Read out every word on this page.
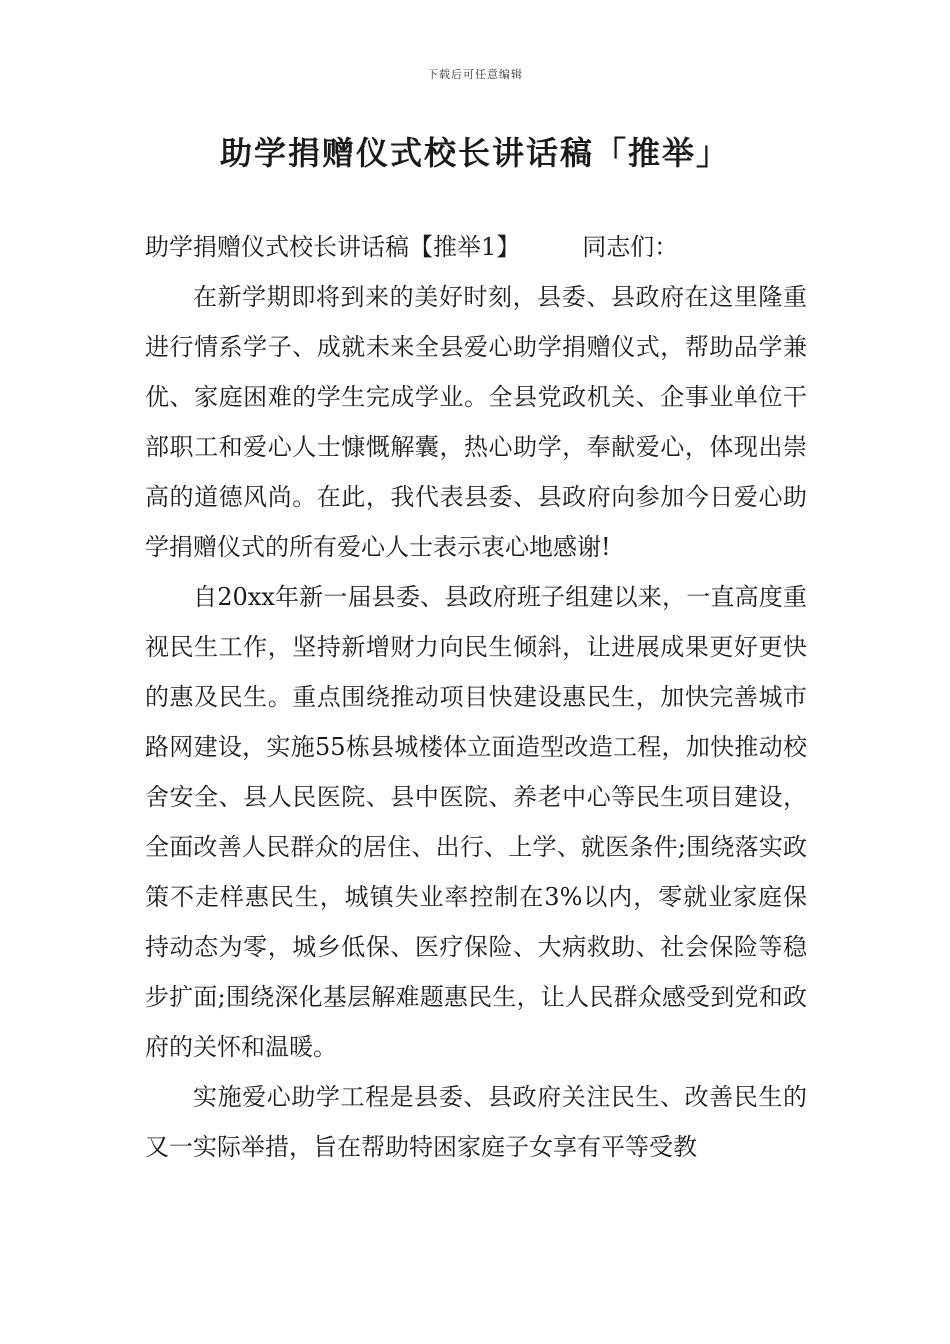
下载后可任意编辑
助学捐赠仪式校长讲话稿「推举」

助学捐赠仪式校长讲话稿【推举1】	同志们：

在新学期即将到来的美好时刻，县委、县政府在这里隆重进行情系学子、成就未来全县爱心助学捐赠仪式，帮助品学兼优、家庭困难的学生完成学业。全县党政机关、企事业单位干部职工和爱心人士慷慨解囊，热心助学，奉献爱心，体现出崇高的道德风尚。在此，我代表县委、县政府向参加今日爱心助学捐赠仪式的所有爱心人士表示衷心地感谢!

自20xx年新一届县委、县政府班子组建以来，一直高度重视民生工作，坚持新增财力向民生倾斜，让进展成果更好更快的惠及民生。重点围绕推动项目快建设惠民生，加快完善城市路网建设，实施55栋县城楼体立面造型改造工程，加快推动校舍安全、县人民医院、县中医院、养老中心等民生项目建设，全面改善人民群众的居住、出行、上学、就医条件;围绕落实政策不走样惠民生，城镇失业率控制在3%以内，零就业家庭保持动态为零，城乡低保、医疗保险、大病救助、社会保险等稳步扩面;围绕深化基层解难题惠民生，让人民群众感受到党和政府的关怀和温暖。

实施爱心助学工程是县委、县政府关注民生、改善民生的又一实际举措，旨在帮助特困家庭子女享有平等受教
